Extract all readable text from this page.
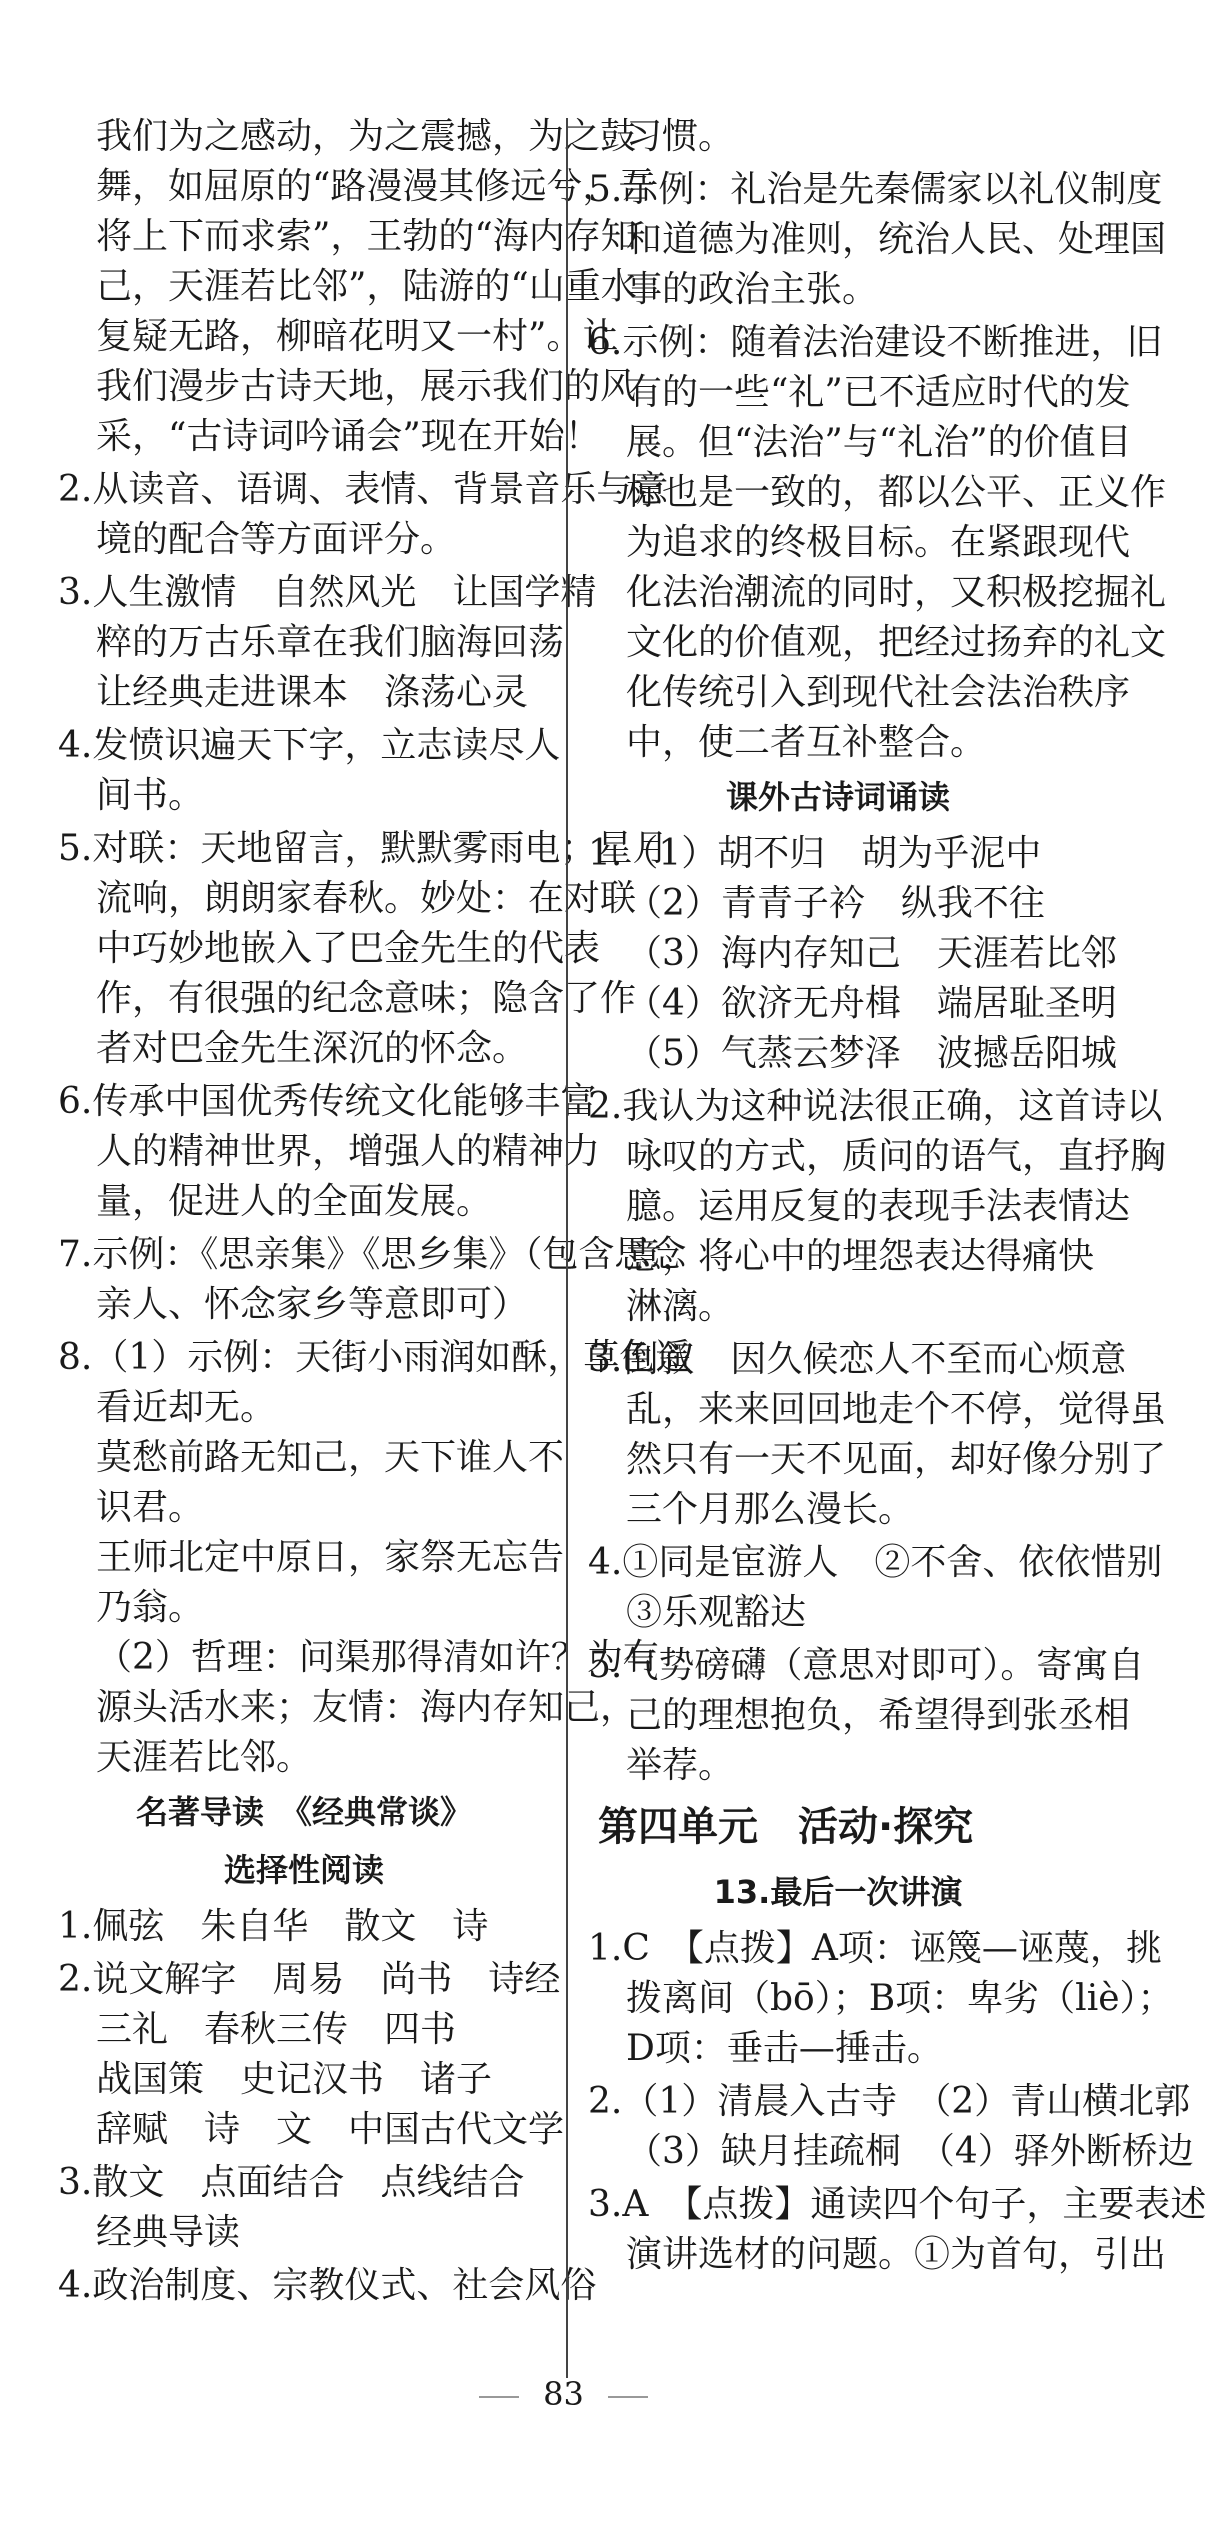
我们为之感动，为之震撼，为之鼓
舞，如屈原的“路漫漫其修远兮，吾
将上下而求索”，王勃的“海内存知
己，天涯若比邻”，陆游的“山重水
复疑无路，柳暗花明又一村”。让
我们漫步古诗天地，展示我们的风
采，“古诗词吟诵会”现在开始！
2.从读音、语调、表情、背景音乐与意
境的配合等方面评分。
3.人生激情　自然风光　让国学精
粹的万古乐章在我们脑海回荡
让经典走进课本　涤荡心灵
4.发愤识遍天下字，立志读尽人
间书。
5.对联：天地留言，默默雾雨电；星月
流响，朗朗家春秋。妙处：在对联
中巧妙地嵌入了巴金先生的代表
作，有很强的纪念意味；隐含了作
者对巴金先生深沉的怀念。
6.传承中国优秀传统文化能够丰富
人的精神世界，增强人的精神力
量，促进人的全面发展。
7.示例：《思亲集》《思乡集》（包含思念
亲人、怀念家乡等意即可）
8.（1）示例：天街小雨润如酥，草色遥
看近却无。
莫愁前路无知己，天下谁人不
识君。
王师北定中原日，家祭无忘告
乃翁。
（2）哲理：问渠那得清如许？为有
源头活水来；友情：海内存知己，
天涯若比邻。
名著导读　《经典常谈》
选择性阅读
1.佩弦　朱自华　散文　诗
2.说文解字　周易　尚书　诗经
三礼　春秋三传　四书
战国策　史记汉书　诸子
辞赋　诗　文　中国古代文学
3.散文　点面结合　点线结合
经典导读
4.政治制度、宗教仪式、社会风俗
习惯。
5.示例：礼治是先秦儒家以礼仪制度
和道德为准则，统治人民、处理国
事的政治主张。
6.示例：随着法治建设不断推进，旧
有的一些“礼”已不适应时代的发
展。但“法治”与“礼治”的价值目
标也是一致的，都以公平、正义作
为追求的终极目标。在紧跟现代
化法治潮流的同时，又积极挖掘礼
文化的价值观，把经过扬弃的礼文
化传统引入到现代社会法治秩序
中，使二者互补整合。
课外古诗词诵读
1.（1）胡不归　胡为乎泥中
（2）青青子衿　纵我不往
（3）海内存知己　天涯若比邻
（4）欲济无舟楫　端居耻圣明
（5）气蒸云梦泽　波撼岳阳城
2.我认为这种说法很正确，这首诗以
咏叹的方式，质问的语气，直抒胸
臆。运用反复的表现手法表情达
意，将心中的埋怨表达得痛快
淋漓。
3.倒叙　因久候恋人不至而心烦意
乱，来来回回地走个不停，觉得虽
然只有一天不见面，却好像分别了
三个月那么漫长。
4.①同是宦游人　②不舍、依依惜别
③乐观豁达
5.气势磅礴（意思对即可）。寄寓自
己的理想抱负，希望得到张丞相
举荐。
第四单元　活动·探究
13.最后一次讲演
1.C　【点拨】A项：诬篾—诬蔑，挑
拨离间（bō）；B项：卑劣（liè）；
D项：垂击—捶击。
2.（1）清晨入古寺　（2）青山横北郭
（3）缺月挂疏桐　（4）驿外断桥边
3.A　【点拨】通读四个句子，主要表述
演讲选材的问题。①为首句，引出
83
